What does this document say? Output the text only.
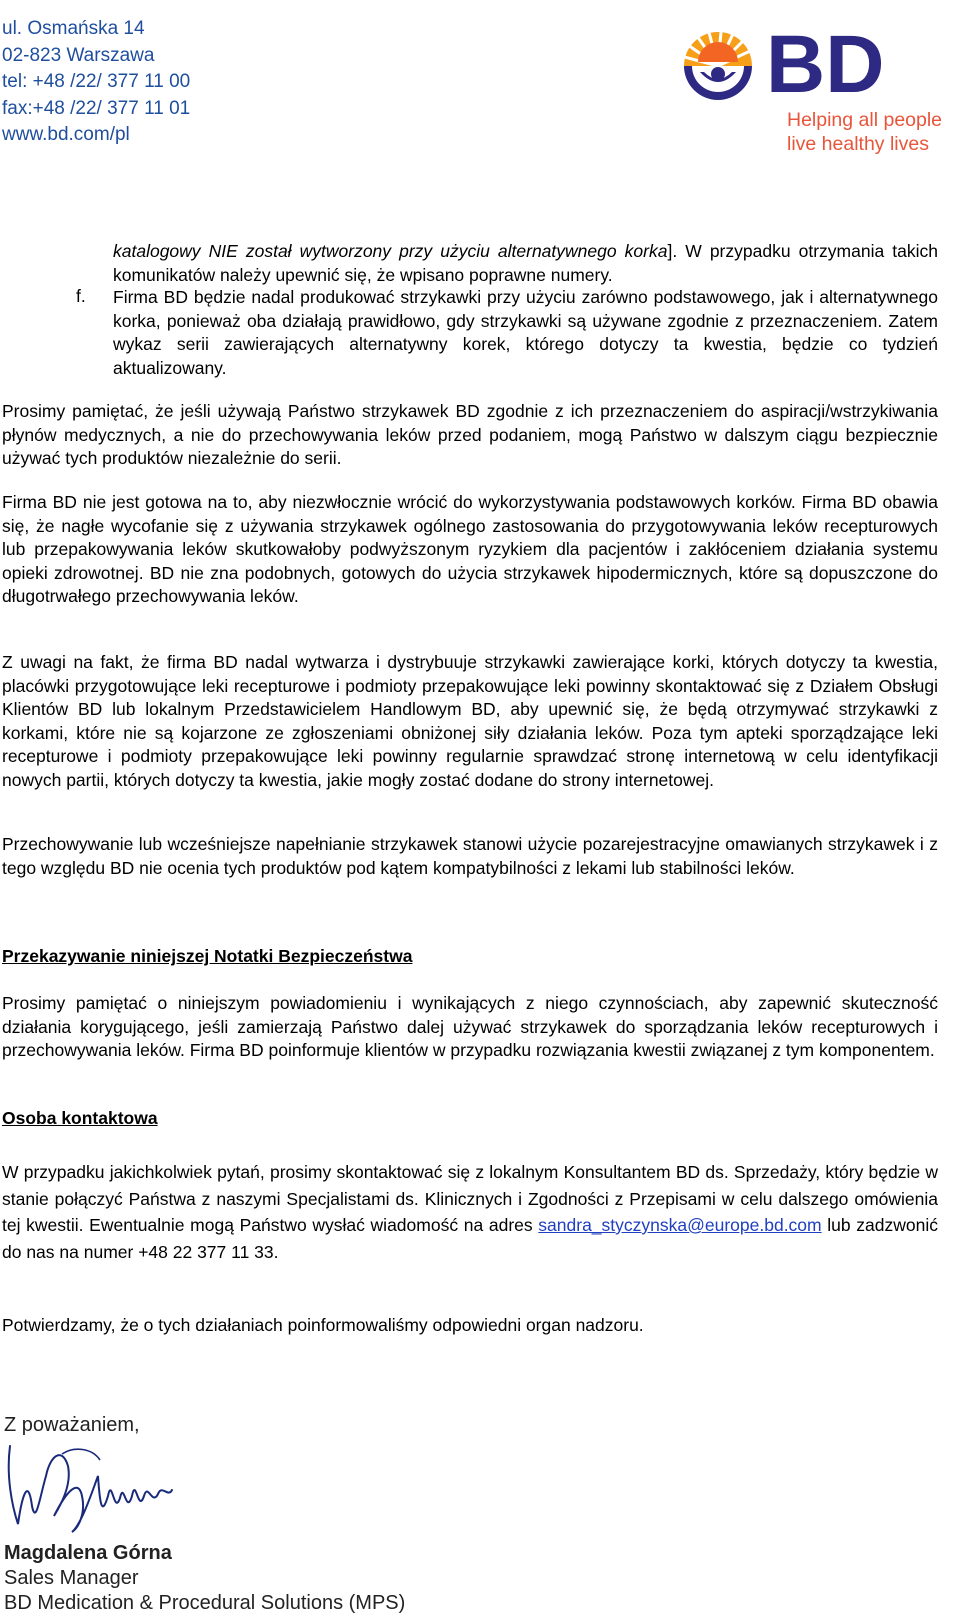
ul. Osmańska 14
02-823 Warszawa
tel: +48 /22/ 377 11 00
fax:+48 /22/ 377 11 01
www.bd.com/pl
BD
Helping all people
live healthy lives

katalogowy NIE został wytworzony przy użyciu alternatywnego korka]. W przypadku otrzymania takich komunikatów należy upewnić się, że wpisano poprawne numery.

f. Firma BD będzie nadal produkować strzykawki przy użyciu zarówno podstawowego, jak i alternatywnego korka, ponieważ oba działają prawidłowo, gdy strzykawki są używane zgodnie z przeznaczeniem. Zatem wykaz serii zawierających alternatywny korek, którego dotyczy ta kwestia, będzie co tydzień aktualizowany.
Prosimy pamiętać, że jeśli używają Państwo strzykawek BD zgodnie z ich przeznaczeniem do aspiracji/wstrzykiwania płynów medycznych, a nie do przechowywania leków przed podaniem, mogą Państwo w dalszym ciągu bezpiecznie używać tych produktów niezależnie do serii.
Firma BD nie jest gotowa na to, aby niezwłocznie wrócić do wykorzystywania podstawowych korków. Firma BD obawia się, że nagłe wycofanie się z używania strzykawek ogólnego zastosowania do przygotowywania leków recepturowych lub przepakowywania leków skutkowałoby podwyższonym ryzykiem dla pacjentów i zakłóceniem działania systemu opieki zdrowotnej. BD nie zna podobnych, gotowych do użycia strzykawek hipodermicznych, które są dopuszczone do długotrwałego przechowywania leków.
Z uwagi na fakt, że firma BD nadal wytwarza i dystrybuuje strzykawki zawierające korki, których dotyczy ta kwestia, placówki przygotowujące leki recepturowe i podmioty przepakowujące leki powinny skontaktować się z Działem Obsługi Klientów BD lub lokalnym Przedstawicielem Handlowym BD, aby upewnić się, że będą otrzymywać strzykawki z korkami, które nie są kojarzone ze zgłoszeniami obniżonej siły działania leków. Poza tym apteki sporządzające leki recepturowe i podmioty przepakowujące leki powinny regularnie sprawdzać stronę internetową w celu identyfikacji nowych partii, których dotyczy ta kwestia, jakie mogły zostać dodane do strony internetowej.
Przechowywanie lub wcześniejsze napełnianie strzykawek stanowi użycie pozarejestracyjne omawianych strzykawek i z tego względu BD nie ocenia tych produktów pod kątem kompatybilności z lekami lub stabilności leków.
Przekazywanie niniejszej Notatki Bezpieczeństwa
Prosimy pamiętać o niniejszym powiadomieniu i wynikających z niego czynnościach, aby zapewnić skuteczność działania korygującego, jeśli zamierzają Państwo dalej używać strzykawek do sporządzania leków recepturowych i przechowywania leków. Firma BD poinformuje klientów w przypadku rozwiązania kwestii związanej z tym komponentem.
Osoba kontaktowa
W przypadku jakichkolwiek pytań, prosimy skontaktować się z lokalnym Konsultantem BD ds. Sprzedaży, który będzie w stanie połączyć Państwa z naszymi Specjalistami ds. Klinicznych i Zgodności z Przepisami w celu dalszego omówienia tej kwestii. Ewentualnie mogą Państwo wysłać wiadomość na adres sandra_styczynska@europe.bd.com lub zadzwonić do nas na numer +48 22 377 11 33.
Potwierdzamy, że o tych działaniach poinformowaliśmy odpowiedni organ nadzoru.
Z poważaniem,
Magdalena Górna
Sales Manager
BD Medication & Procedural Solutions (MPS)
